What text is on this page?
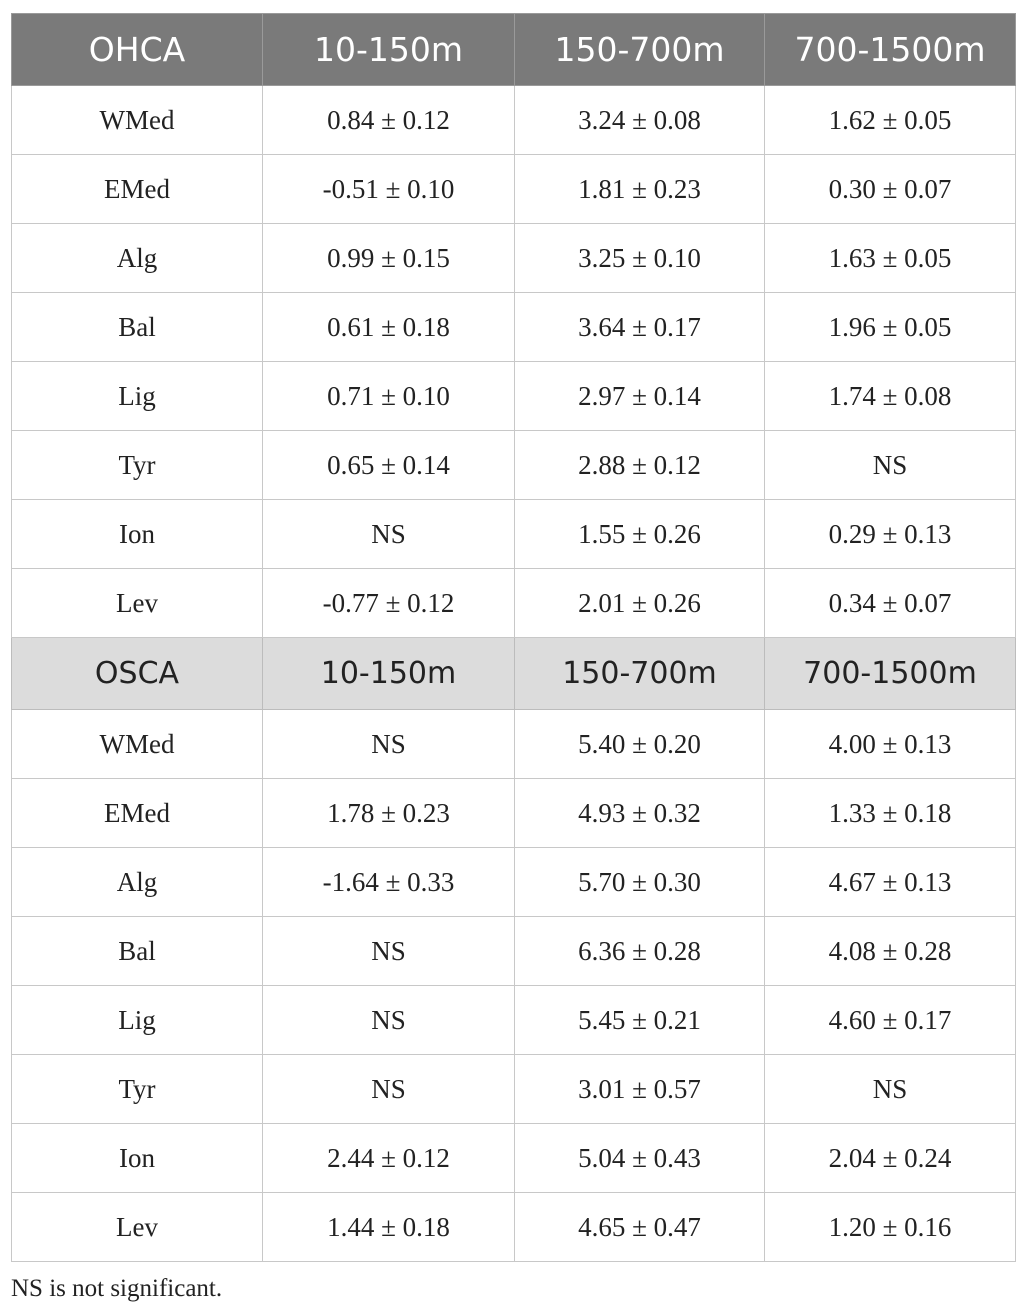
OHCA	10-150m	150-700m	700-1500m
WMed	0.84 ± 0.12	3.24 ± 0.08	1.62 ± 0.05
EMed	-0.51 ± 0.10	1.81 ± 0.23	0.30 ± 0.07
Alg	0.99 ± 0.15	3.25 ± 0.10	1.63 ± 0.05
Bal	0.61 ± 0.18	3.64 ± 0.17	1.96 ± 0.05
Lig	0.71 ± 0.10	2.97 ± 0.14	1.74 ± 0.08
Tyr	0.65 ± 0.14	2.88 ± 0.12	NS
Ion	NS	1.55 ± 0.26	0.29 ± 0.13
Lev	-0.77 ± 0.12	2.01 ± 0.26	0.34 ± 0.07
OSCA	10-150m	150-700m	700-1500m
WMed	NS	5.40 ± 0.20	4.00 ± 0.13
EMed	1.78 ± 0.23	4.93 ± 0.32	1.33 ± 0.18
Alg	-1.64 ± 0.33	5.70 ± 0.30	4.67 ± 0.13
Bal	NS	6.36 ± 0.28	4.08 ± 0.28
Lig	NS	5.45 ± 0.21	4.60 ± 0.17
Tyr	NS	3.01 ± 0.57	NS
Ion	2.44 ± 0.12	5.04 ± 0.43	2.04 ± 0.24
Lev	1.44 ± 0.18	4.65 ± 0.47	1.20 ± 0.16
NS is not significant.
